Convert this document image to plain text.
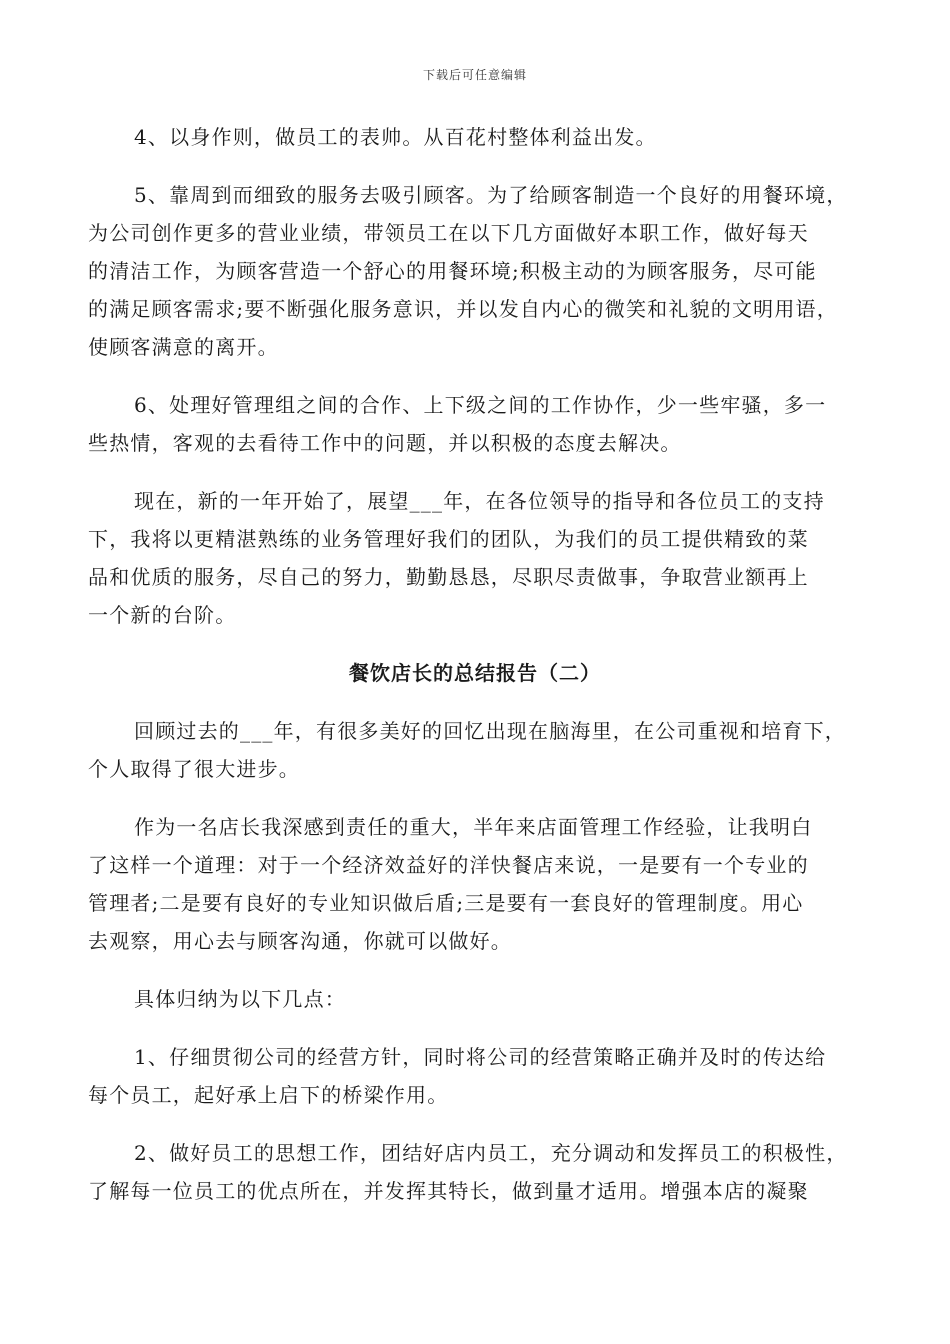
下载后可任意编辑
4、以身作则，做员工的表帅。从百花村整体利益出发。
5、靠周到而细致的服务去吸引顾客。为了给顾客制造一个良好的用餐环境，
为公司创作更多的营业业绩，带领员工在以下几方面做好本职工作，做好每天
的清洁工作，为顾客营造一个舒心的用餐环境;积极主动的为顾客服务，尽可能
的满足顾客需求;要不断强化服务意识，并以发自内心的微笑和礼貌的文明用语，
使顾客满意的离开。
6、处理好管理组之间的合作、上下级之间的工作协作，少一些牢骚，多一
些热情，客观的去看待工作中的问题，并以积极的态度去解决。
现在，新的一年开始了，展望___年，在各位领导的指导和各位员工的支持
下，我将以更精湛熟练的业务管理好我们的团队，为我们的员工提供精致的菜
品和优质的服务，尽自己的努力，勤勤恳恳，尽职尽责做事，争取营业额再上
一个新的台阶。
回顾过去的___年，有很多美好的回忆出现在脑海里，在公司重视和培育下，
个人取得了很大进步。
作为一名店长我深感到责任的重大，半年来店面管理工作经验，让我明白
了这样一个道理：对于一个经济效益好的洋快餐店来说，一是要有一个专业的
管理者;二是要有良好的专业知识做后盾;三是要有一套良好的管理制度。用心
去观察，用心去与顾客沟通，你就可以做好。
具体归纳为以下几点：
1、仔细贯彻公司的经营方针，同时将公司的经营策略正确并及时的传达给
每个员工，起好承上启下的桥梁作用。
2、做好员工的思想工作，团结好店内员工，充分调动和发挥员工的积极性，
了解每一位员工的优点所在，并发挥其特长，做到量才适用。增强本店的凝聚
餐饮店长的总结报告（二）
